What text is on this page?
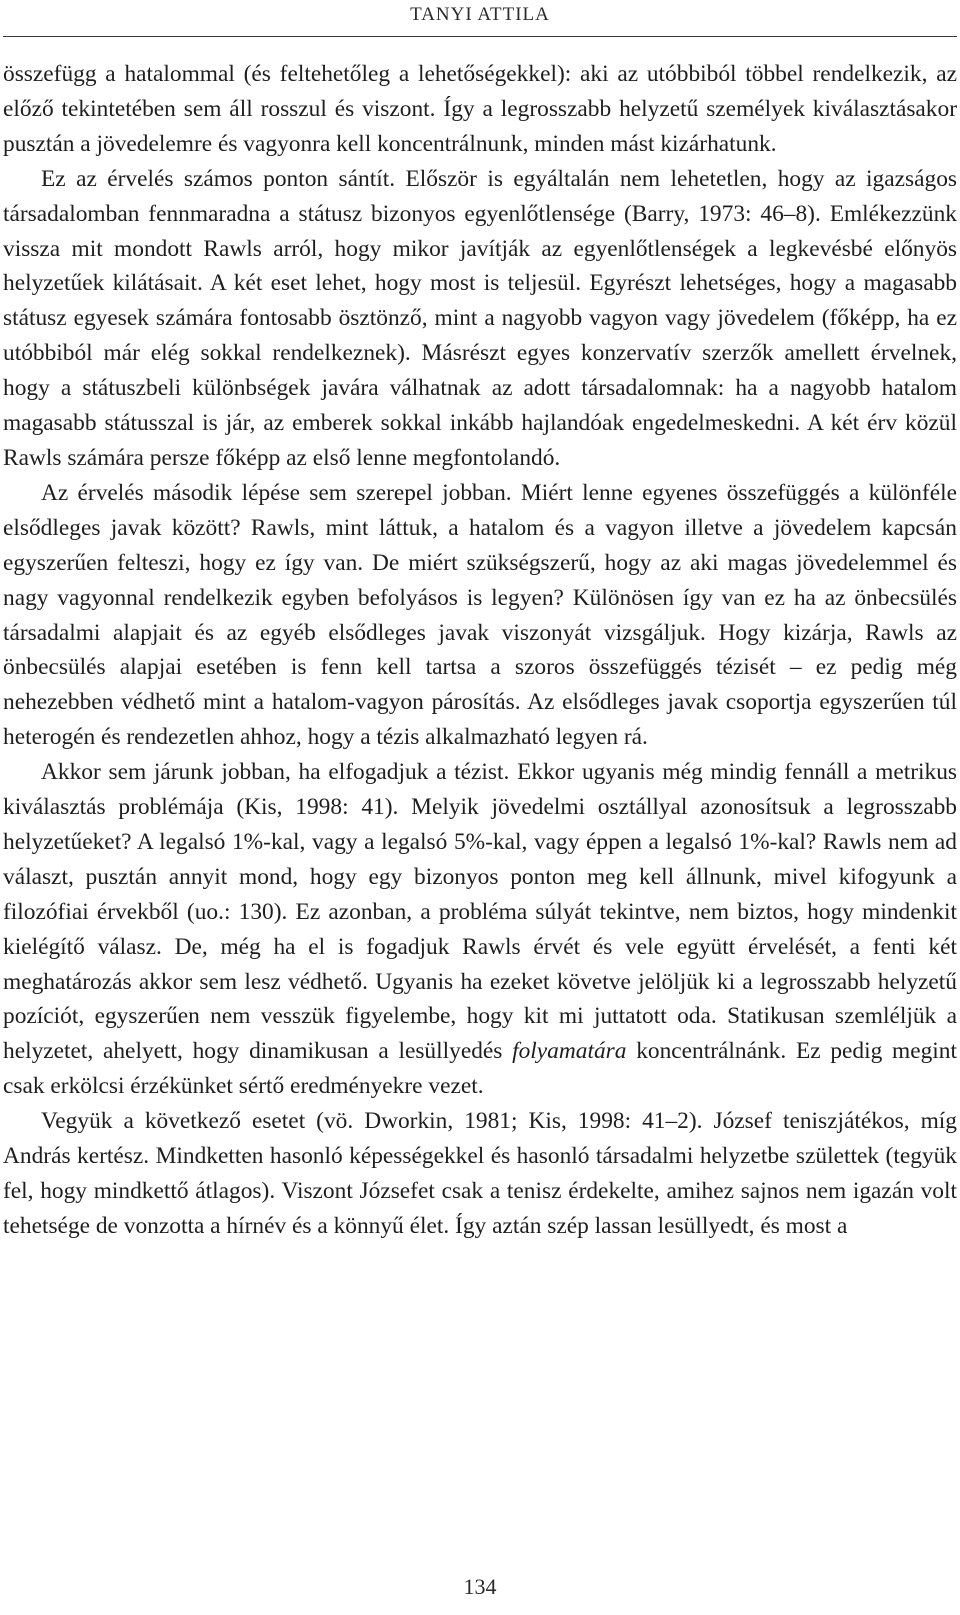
TANYI ATTILA

összefügg a hatalommal (és feltehetőleg a lehetőségekkel): aki az utóbbiból többel rendelkezik, az előző tekintetében sem áll rosszul és viszont. Így a legrosszabb helyzetű személyek kiválasztásakor pusztán a jövedelemre és vagyonra kell koncentrálnunk, minden mást kizárhatunk.

Ez az érvelés számos ponton sántít. Először is egyáltalán nem lehetetlen, hogy az igazságos társadalomban fennmaradna a státusz bizonyos egyenlőtlensége (Barry, 1973: 46–8). Emlékezzünk vissza mit mondott Rawls arról, hogy mikor javítják az egyenlőtlenségek a legkevésbé előnyös helyzetűek kilátásait. A két eset lehet, hogy most is teljesül. Egyrészt lehetséges, hogy a magasabb státusz egyesek számára fontosabb ösztönző, mint a nagyobb vagyon vagy jövedelem (főképp, ha ez utóbbiból már elég sokkal rendelkeznek). Másrészt egyes konzervatív szerzők amellett érvelnek, hogy a státuszbeli különbségek javára válhatnak az adott társadalomnak: ha a nagyobb hatalom magasabb státusszal is jár, az emberek sokkal inkább hajlandóak engedelmeskedni. A két érv közül Rawls számára persze főképp az első lenne megfontolandó.

Az érvelés második lépése sem szerepel jobban. Miért lenne egyenes összefüggés a különféle elsődleges javak között? Rawls, mint láttuk, a hatalom és a vagyon illetve a jövedelem kapcsán egyszerűen felteszi, hogy ez így van. De miért szükségszerű, hogy az aki magas jövedelemmel és nagy vagyonnal rendelkezik egyben befolyásos is legyen? Különösen így van ez ha az önbecsülés társadalmi alapjait és az egyéb elsődleges javak viszonyát vizsgáljuk. Hogy kizárja, Rawls az önbecsülés alapjai esetében is fenn kell tartsa a szoros összefüggés tézisét – ez pedig még nehezebben védhető mint a hatalom-vagyon párosítás. Az elsődleges javak csoportja egyszerűen túl heterogén és rendezetlen ahhoz, hogy a tézis alkalmazható legyen rá.

Akkor sem járunk jobban, ha elfogadjuk a tézist. Ekkor ugyanis még mindig fennáll a metrikus kiválasztás problémája (Kis, 1998: 41). Melyik jövedelmi osztállyal azonosítsuk a legrosszabb helyzetűeket? A legalsó 1%-kal, vagy a legalsó 5%-kal, vagy éppen a legalsó 1%-kal? Rawls nem ad választ, pusztán annyit mond, hogy egy bizonyos ponton meg kell állnunk, mivel kifogyunk a filozófiai érvekből (uo.: 130). Ez azonban, a probléma súlyát tekintve, nem biztos, hogy mindenkit kielégítő válasz. De, még ha el is fogadjuk Rawls érvét és vele együtt érvelését, a fenti két meghatározás akkor sem lesz védhető. Ugyanis ha ezeket követve jelöljük ki a legrosszabb helyzetű pozíciót, egyszerűen nem vesszük figyelembe, hogy kit mi juttatott oda. Statikusan szemléljük a helyzetet, ahelyett, hogy dinamikusan a lesüllyedés folyamatára koncentrálnánk. Ez pedig megint csak erkölcsi érzékünket sértő eredményekre vezet.

Vegyük a következő esetet (vö. Dworkin, 1981; Kis, 1998: 41–2). József teniszjátékos, míg András kertész. Mindketten hasonló képességekkel és hasonló társadalmi helyzetbe születtek (tegyük fel, hogy mindkettő átlagos). Viszont Józsefet csak a tenisz érdekelte, amihez sajnos nem igazán volt tehetsége de vonzotta a hírnév és a könnyű élet. Így aztán szép lassan lesüllyedt, és most a

134
